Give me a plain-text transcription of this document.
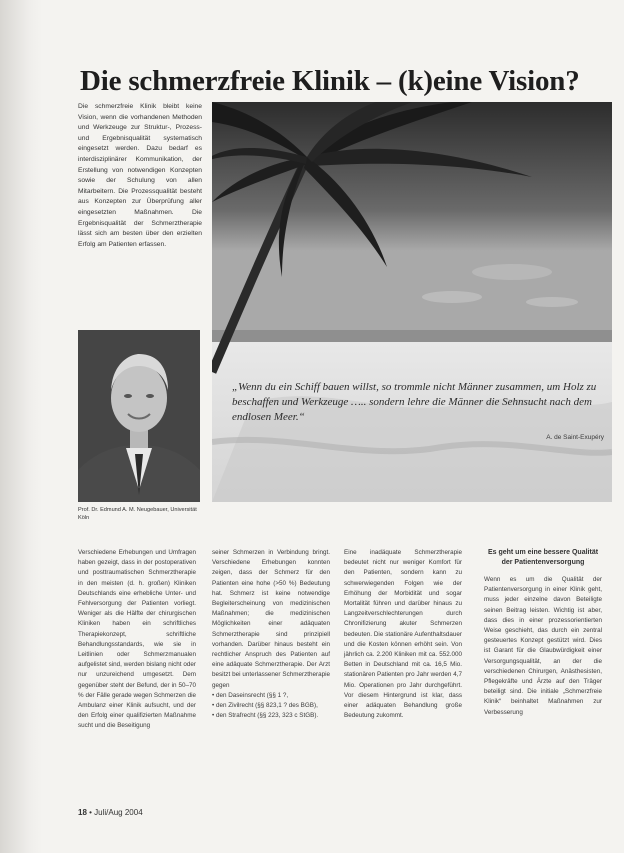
Die schmerzfreie Klinik – (k)eine Vision?
Die schmerzfreie Klinik bleibt keine Vision, wenn die vorhandenen Methoden und Werkzeuge zur Struktur-, Prozess- und Ergebnisqualität systematisch eingesetzt werden. Dazu bedarf es interdisziplinärer Kommunikation, der Erstellung von notwendigen Konzepten sowie der Schulung von allen Mitarbeitern. Die Prozessqualität besteht aus Konzepten zur Überprüfung aller eingesetzten Maßnahmen. Die Ergebnisqualität der Schmerztherapie lässt sich am besten über den erzielten Erfolg am Patienten erfassen.
„Wenn du ein Schiff bauen willst, so trommle nicht Männer zusammen, um Holz zu beschaffen und Werkzeuge ….. sondern lehre die Männer die Sehnsucht nach dem endlosen Meer.“
A. de Saint-Exupéry
Prof. Dr. Edmund A. M. Neugebauer, Universität Köln
Verschiedene Erhebungen und Umfragen haben gezeigt, dass in der postoperativen und posttraumatischen Schmerztherapie in den meisten (d. h. großen) Kliniken Deutschlands eine erhebliche Unter- und Fehlversorgung der Patienten vorliegt. Weniger als die Hälfte der chirurgischen Kliniken haben ein schriftliches Therapiekonzept, schriftliche Behandlungsstandards, wie sie in Leitlinien oder Schmerzmanualen aufgelistet sind, werden bislang nicht oder nur unzureichend umgesetzt. Dem gegenüber steht der Befund, der in 50–70 % der Fälle gerade wegen Schmerzen die Ambulanz einer Klinik aufsucht, und der den Erfolg einer qualifizierten Maßnahme sucht und die Beseitigung
seiner Schmerzen in Verbindung bringt. Verschiedene Erhebungen konnten zeigen, dass der Schmerz für den Patienten eine hohe (>50 %) Bedeutung hat. Schmerz ist keine notwendige Begleiterscheinung von medizinischen Maßnahmen; die medizinischen Möglichkeiten einer adäquaten Schmerztherapie sind prinzipiell vorhanden. Darüber hinaus besteht ein rechtlicher Anspruch des Patienten auf eine adäquate Schmerztherapie. Der Arzt besitzt bei unterlassener Schmerztherapie gegen
• den Daseinsrecht (§§ 1 ?,
• den Zivilrecht (§§ 823,1 ? des BGB),
• den Strafrecht (§§ 223, 323 c StGB).
Eine inadäquate Schmerztherapie bedeutet nicht nur weniger Komfort für den Patienten, sondern kann zu schwerwiegenden Folgen wie der Erhöhung der Morbidität und sogar Mortalität führen und darüber hinaus zu Langzeitverschlechterungen durch Chronifizierung akuter Schmerzen bedeuten. Die stationäre Aufenthaltsdauer und die Kosten können erhöht sein. Von jährlich ca. 2.200 Kliniken mit ca. 552.000 Betten in Deutschland mit ca. 16,5 Mio. stationären Patienten pro Jahr werden 4,7 Mio. Operationen pro Jahr durchgeführt. Vor diesem Hintergrund ist klar, dass einer adäquaten Behandlung große Bedeutung zukommt.
Es geht um eine bessere Qualität der Patientenversorgung
Wenn es um die Qualität der Patientenversorgung in einer Klinik geht, muss jeder einzelne davon Beteiligte seinen Beitrag leisten. Wichtig ist aber, dass dies in einer prozessorientierten Weise geschieht, das durch ein zentral gesteuertes Konzept gestützt wird. Dies ist Garant für die Glaubwürdigkeit einer Versorgungsqualität, an der die verschiedenen Chirurgen, Anästhesisten, Pflegekräfte und Ärzte auf den Träger beteiligt sind. Die initiale „Schmerzfreie Klinik“ beinhaltet Maßnahmen zur Verbesserung
18 • Juli/Aug 2004
